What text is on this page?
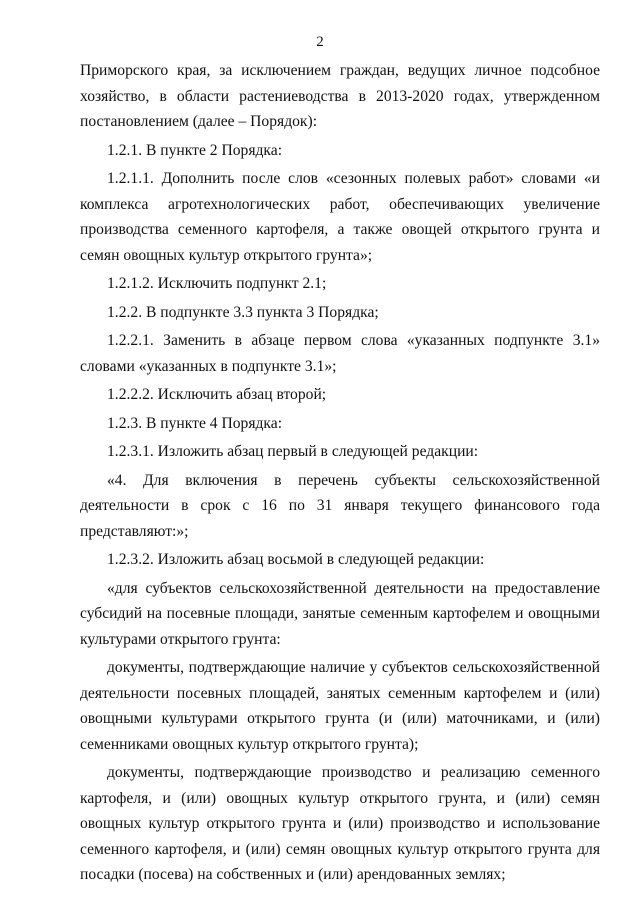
2

Приморского края, за исключением граждан, ведущих личное подсобное хозяйство, в области растениеводства в 2013-2020 годах, утвержденном постановлением (далее – Порядок):

1.2.1. В пункте 2 Порядка:

1.2.1.1. Дополнить после слов «сезонных полевых работ» словами «и комплекса агротехнологических работ, обеспечивающих увеличение производства семенного картофеля, а также овощей открытого грунта и семян овощных культур открытого грунта»;

1.2.1.2. Исключить подпункт 2.1;

1.2.2. В подпункте 3.3 пункта 3 Порядка;

1.2.2.1. Заменить в абзаце первом слова «указанных подпункте 3.1» словами «указанных в подпункте 3.1»;

1.2.2.2. Исключить абзац второй;

1.2.3. В пункте 4 Порядка:

1.2.3.1. Изложить абзац первый в следующей редакции:

«4. Для включения в перечень субъекты сельскохозяйственной деятельности в срок с 16 по 31 января текущего финансового года представляют:»;

1.2.3.2. Изложить абзац восьмой в следующей редакции:

«для субъектов сельскохозяйственной деятельности на предоставление субсидий на посевные площади, занятые семенным картофелем и овощными культурами открытого грунта:

документы, подтверждающие наличие у субъектов сельскохозяйственной деятельности посевных площадей, занятых семенным картофелем и (или) овощными культурами открытого грунта (и (или) маточниками, и (или) семенниками овощных культур открытого грунта);

документы, подтверждающие производство и реализацию семенного картофеля, и (или) овощных культур открытого грунта, и (или) семян овощных культур открытого грунта и (или) производство и использование семенного картофеля, и (или) семян овощных культур открытого грунта для посадки (посева) на собственных и (или) арендованных землях;
